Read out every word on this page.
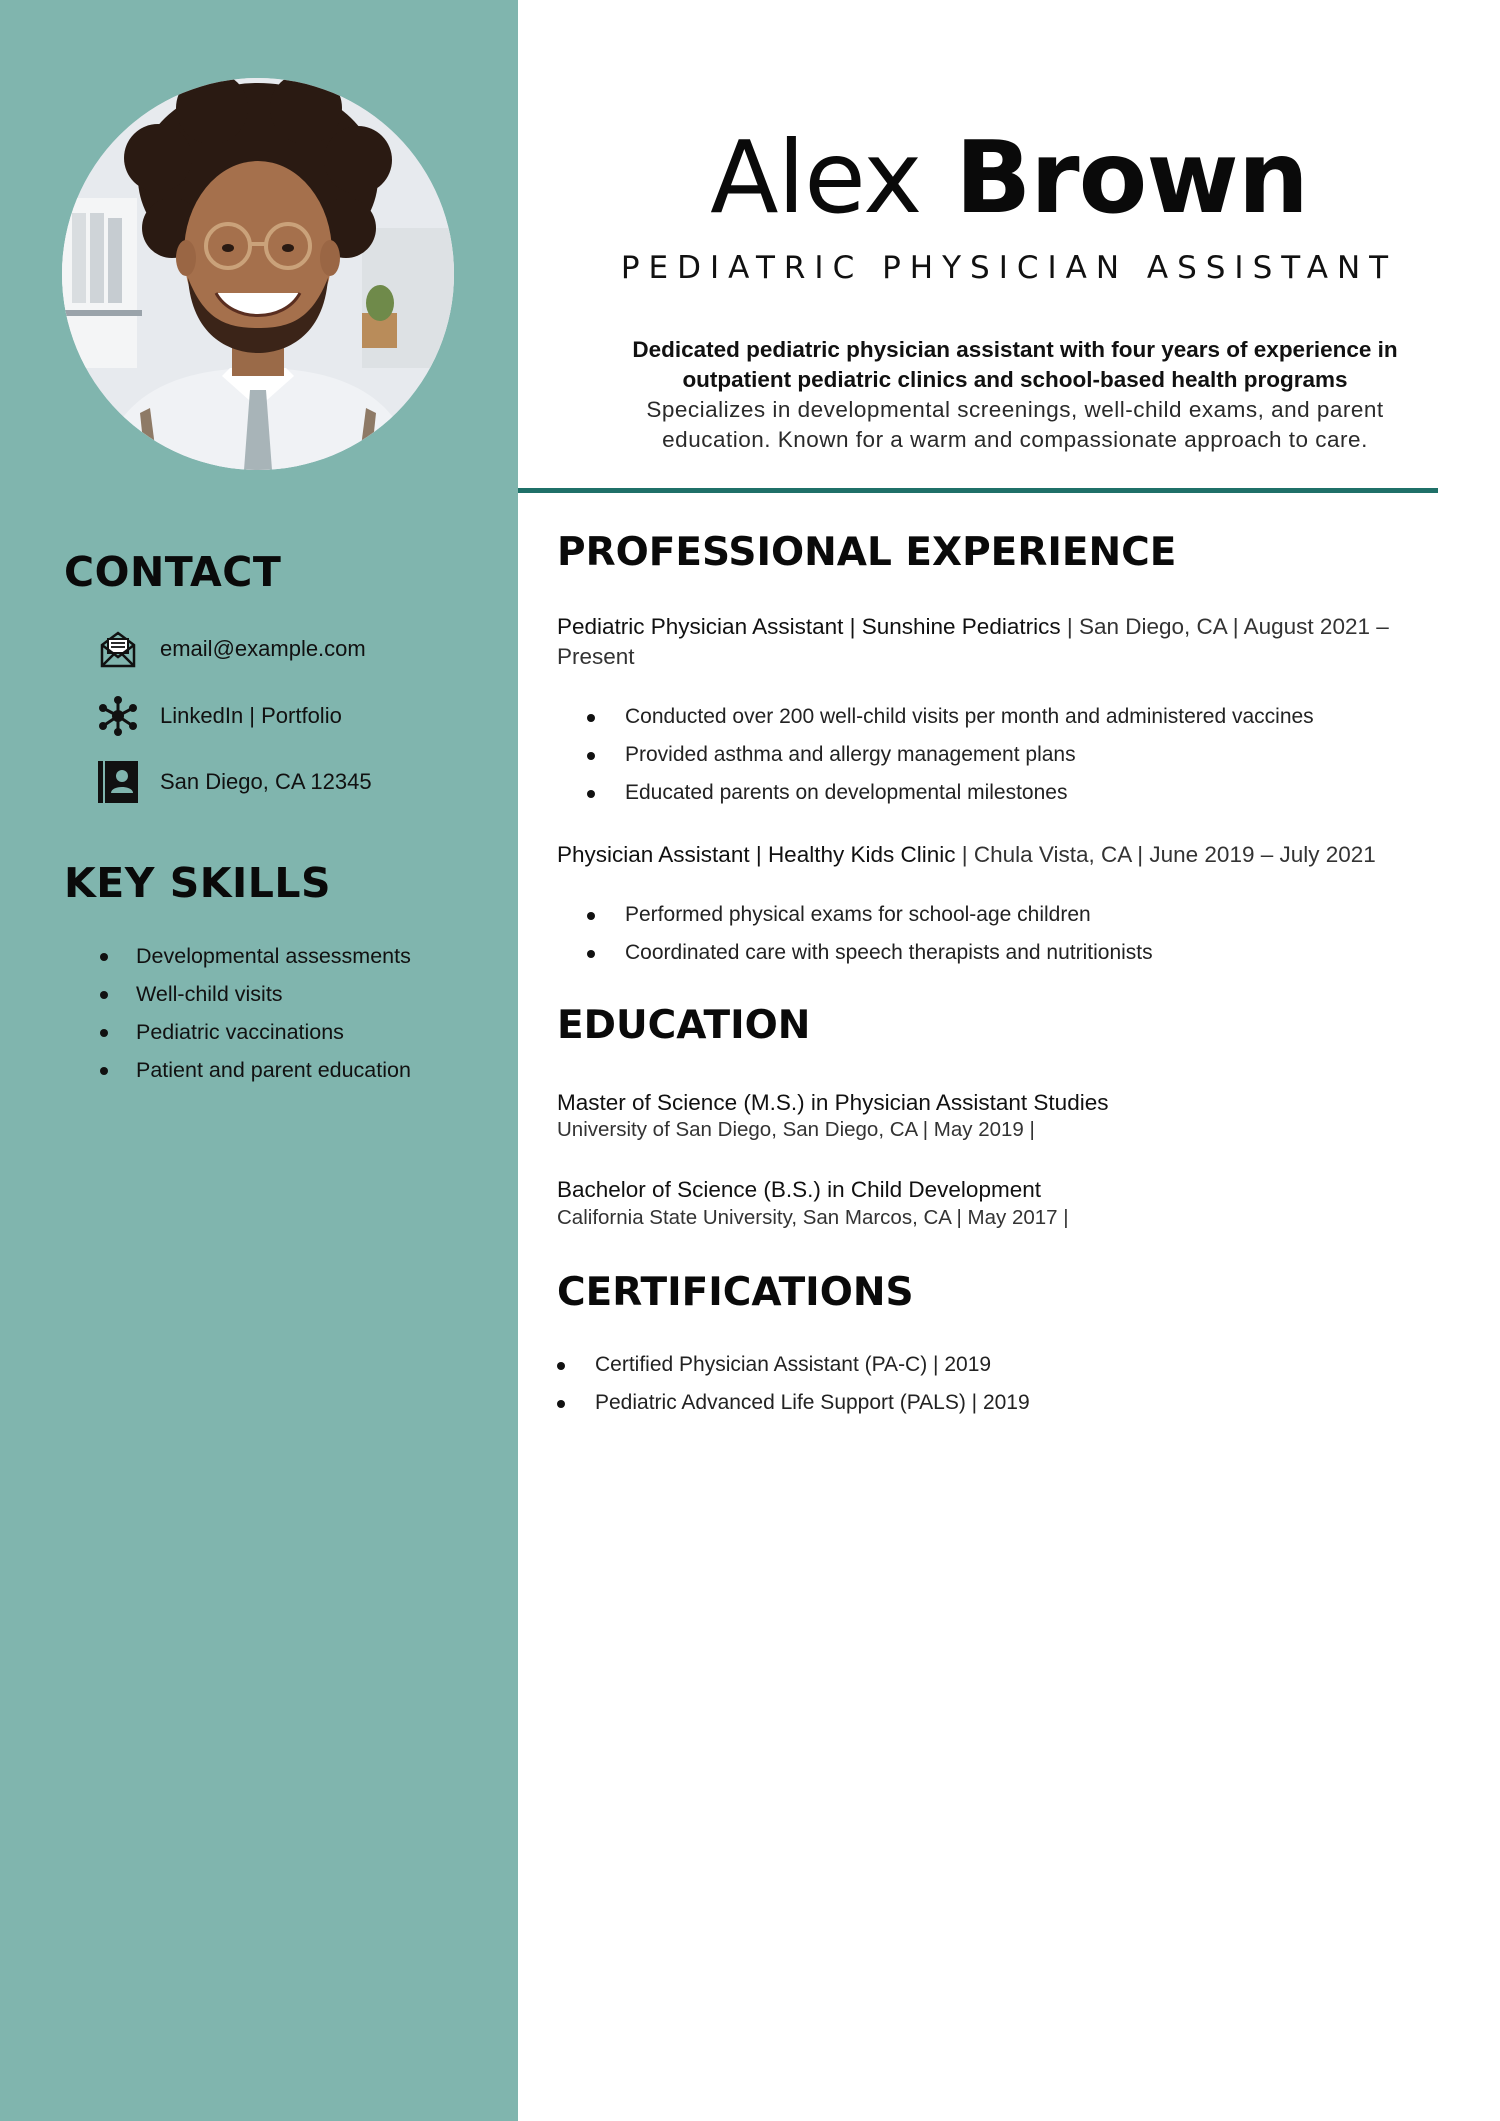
CONTACT
email@example.com
LinkedIn | Portfolio
San Diego, CA 12345
KEY SKILLS
Developmental assessments
Well-child visits
Pediatric vaccinations
Patient and parent education
Alex Brown
PEDIATRIC PHYSICIAN ASSISTANT
Dedicated pediatric physician assistant with four years of experience in outpatient pediatric clinics and school-based health programs
Specializes in developmental screenings, well-child exams, and parent education. Known for a warm and compassionate approach to care.
PROFESSIONAL EXPERIENCE
Pediatric Physician Assistant | Sunshine Pediatrics | San Diego, CA | August 2021 – Present
Conducted over 200 well-child visits per month and administered vaccines
Provided asthma and allergy management plans
Educated parents on developmental milestones
Physician Assistant | Healthy Kids Clinic | Chula Vista, CA | June 2019 – July 2021
Performed physical exams for school-age children
Coordinated care with speech therapists and nutritionists
EDUCATION
Master of Science (M.S.) in Physician Assistant Studies
University of San Diego, San Diego, CA | May 2019 |
Bachelor of Science (B.S.) in Child Development
California State University, San Marcos, CA | May 2017 |
CERTIFICATIONS
Certified Physician Assistant (PA-C) | 2019
Pediatric Advanced Life Support (PALS) | 2019
